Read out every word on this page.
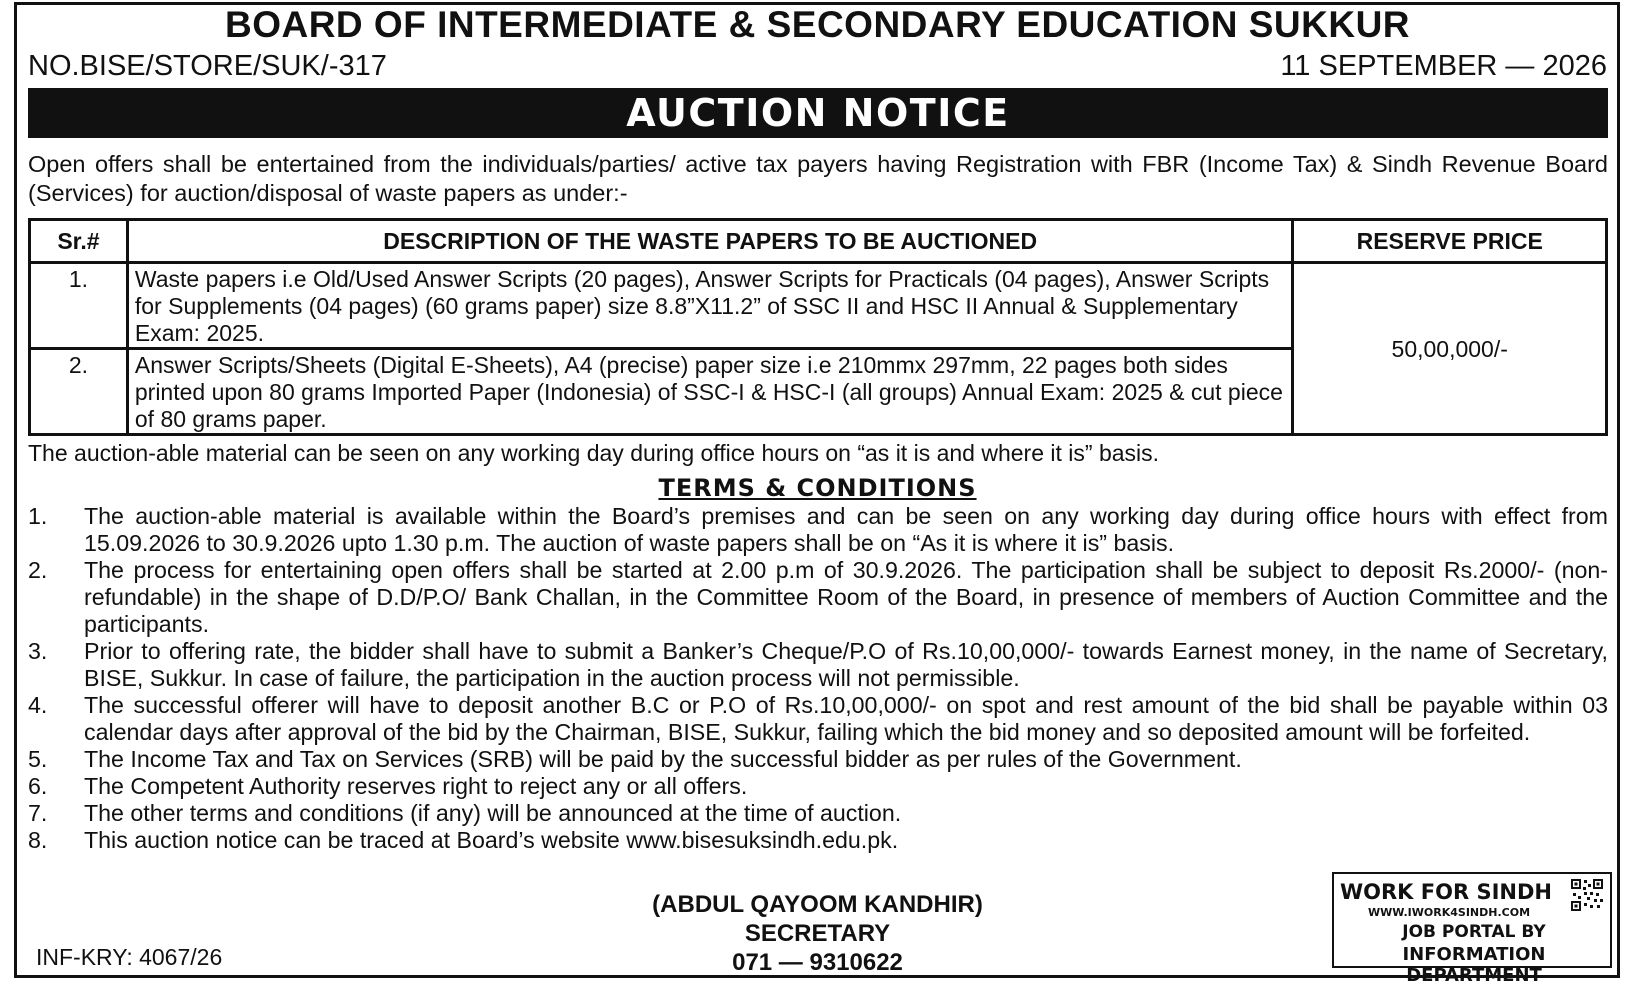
BOARD OF INTERMEDIATE & SECONDARY EDUCATION SUKKUR
NO.BISE/STORE/SUK/-317	11 SEPTEMBER — 2026
AUCTION NOTICE
Open offers shall be entertained from the individuals/parties/ active tax payers having Registration with FBR (Income Tax) & Sindh Revenue Board (Services) for auction/disposal of waste papers as under:-
Sr.#	DESCRIPTION OF THE WASTE PAPERS TO BE AUCTIONED	RESERVE PRICE
1.	Waste papers i.e Old/Used Answer Scripts (20 pages), Answer Scripts for Practicals (04 pages), Answer Scripts for Supplements (04 pages) (60 grams paper) size 8.8”X11.2” of SSC II and HSC II Annual & Supplementary Exam: 2025.	50,00,000/-
2.	Answer Scripts/Sheets (Digital E-Sheets), A4 (precise) paper size i.e 210mmx 297mm, 22 pages both sides printed upon 80 grams Imported Paper (Indonesia) of SSC-I & HSC-I (all groups) Annual Exam: 2025 & cut piece of 80 grams paper.	
The auction-able material can be seen on any working day during office hours on “as it is and where it is” basis.
TERMS & CONDITIONS
1. The auction-able material is available within the Board’s premises and can be seen on any working day during office hours with effect from 15.09.2026 to 30.9.2026 upto 1.30 p.m. The auction of waste papers shall be on “As it is where it is” basis.
2. The process for entertaining open offers shall be started at 2.00 p.m of 30.9.2026. The participation shall be subject to deposit Rs.2000/- (non-refundable) in the shape of D.D/P.O/ Bank Challan, in the Committee Room of the Board, in presence of members of Auction Committee and the participants.
3. Prior to offering rate, the bidder shall have to submit a Banker’s Cheque/P.O of Rs.10,00,000/- towards Earnest money, in the name of Secretary, BISE, Sukkur. In case of failure, the participation in the auction process will not permissible.
4. The successful offerer will have to deposit another B.C or P.O of Rs.10,00,000/- on spot and rest amount of the bid shall be payable within 03 calendar days after approval of the bid by the Chairman, BISE, Sukkur, failing which the bid money and so deposited amount will be forfeited.
5. The Income Tax and Tax on Services (SRB) will be paid by the successful bidder as per rules of the Government.
6. The Competent Authority reserves right to reject any or all offers.
7. The other terms and conditions (if any) will be announced at the time of auction.
8. This auction notice can be traced at Board’s website www.bisesuksindh.edu.pk.
(ABDUL QAYOOM KANDHIR)
SECRETARY
071 — 9310622
INF-KRY: 4067/26
WORK FOR SINDH
WWW.IWORK4SINDH.COM
JOB PORTAL BY
INFORMATION DEPARTMENT
